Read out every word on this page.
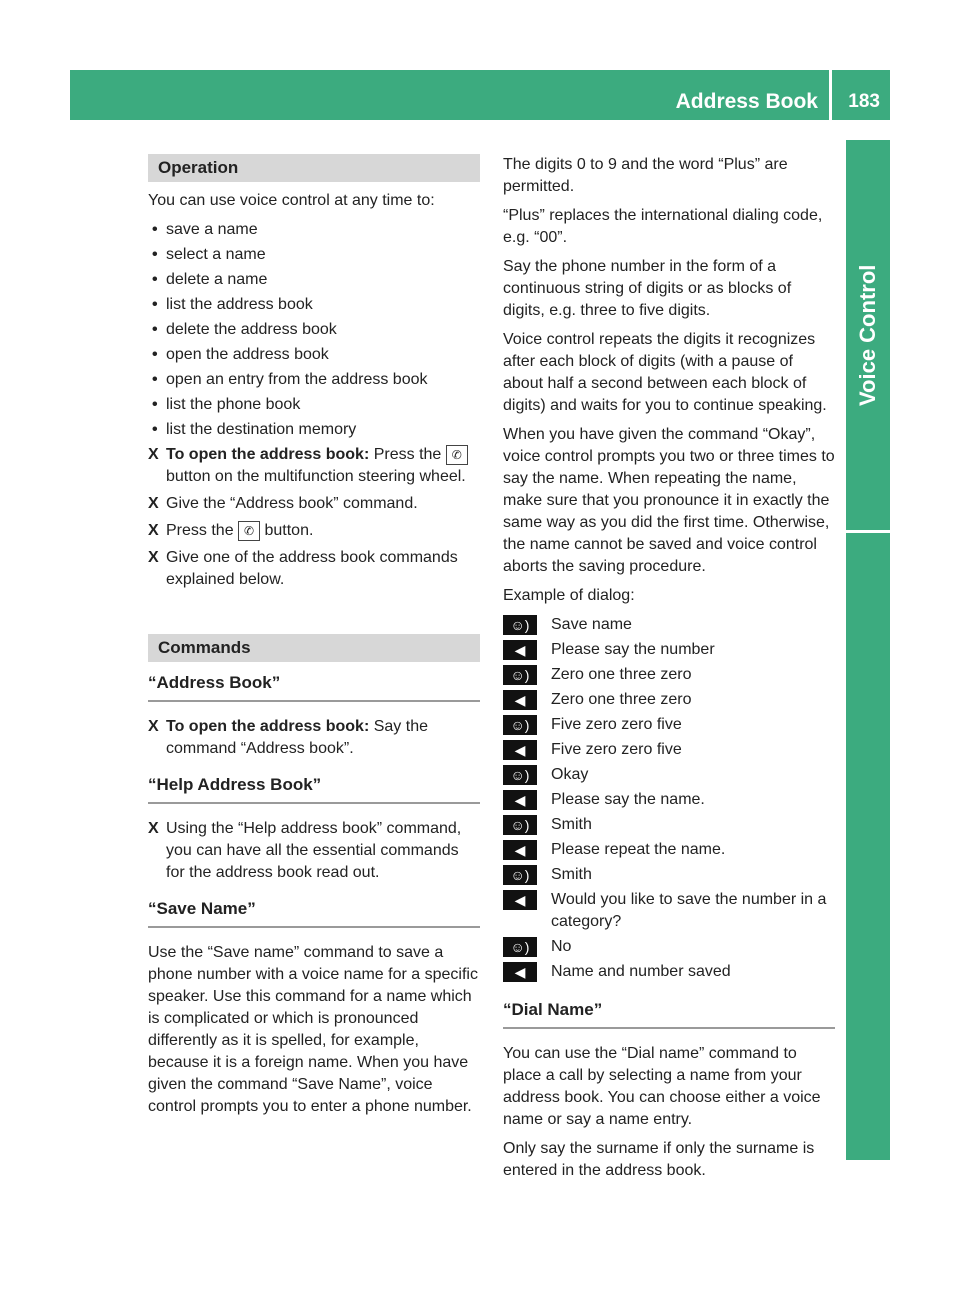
Address Book 183
Voice Control
Operation

You can use voice control at any time to:

• save a name
• select a name
• delete a name
• list the address book
• delete the address book
• open the address book
• open an entry from the address book
• list the phone book
• list the destination memory
X To open the address book: Press the ✆ button on the multifunction steering wheel.
X Give the “Address book” command.
X Press the ✆ button.
X Give one of the address book commands explained below.
Commands
“Address Book”
X To open the address book: Say the command “Address book”.
“Help Address Book”
X Using the “Help address book” command, you can have all the essential commands for the address book read out.
“Save Name”

Use the “Save name” command to save a phone number with a voice name for a specific speaker. Use this command for a name which is complicated or which is pronounced differently as it is spelled, for example, because it is a foreign name. When you have given the command “Save Name”, voice control prompts you to enter a phone number.

The digits 0 to 9 and the word “Plus” are permitted.

“Plus” replaces the international dialing code, e.g. “00”.

Say the phone number in the form of a continuous string of digits or as blocks of digits, e.g. three to five digits.

Voice control repeats the digits it recognizes after each block of digits (with a pause of about half a second between each block of digits) and waits for you to continue speaking.

When you have given the command “Okay”, voice control prompts you two or three times to say the name. When repeating the name, make sure that you pronounce it in exactly the same way as you did the first time. Otherwise, the name cannot be saved and voice control aborts the saving procedure.

Example of dialog:

☺)	Save name
◀	Please say the number
☺)	Zero one three zero
◀	Zero one three zero
☺)	Five zero zero five
◀	Five zero zero five
☺)	Okay
◀	Please say the name.
☺)	Smith
◀	Please repeat the name.
☺)	Smith
◀	Would you like to save the number in a category?
☺)	No
◀	Name and number saved
“Dial Name”

You can use the “Dial name” command to place a call by selecting a name from your address book. You can choose either a voice name or say a name entry.

Only say the surname if only the surname is entered in the address book.
